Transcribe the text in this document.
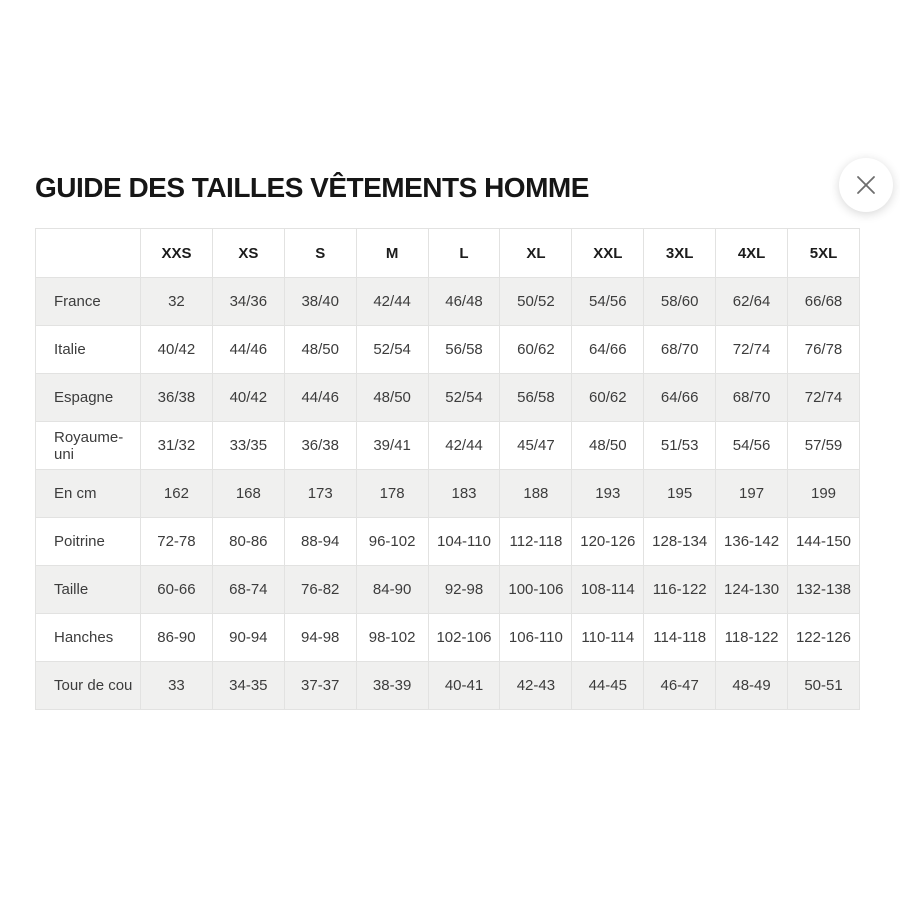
GUIDE DES TAILLES VÊTEMENTS HOMME
	XXS	XS	S	M	L	XL	XXL	3XL	4XL	5XL
France	32	34/36	38/40	42/44	46/48	50/52	54/56	58/60	62/64	66/68
Italie	40/42	44/46	48/50	52/54	56/58	60/62	64/66	68/70	72/74	76/78
Espagne	36/38	40/42	44/46	48/50	52/54	56/58	60/62	64/66	68/70	72/74
Royaume-uni	31/32	33/35	36/38	39/41	42/44	45/47	48/50	51/53	54/56	57/59
En cm	162	168	173	178	183	188	193	195	197	199
Poitrine	72-78	80-86	88-94	96-102	104-110	112-118	120-126	128-134	136-142	144-150
Taille	60-66	68-74	76-82	84-90	92-98	100-106	108-114	116-122	124-130	132-138
Hanches	86-90	90-94	94-98	98-102	102-106	106-110	110-114	114-118	118-122	122-126
Tour de cou	33	34-35	37-37	38-39	40-41	42-43	44-45	46-47	48-49	50-51
